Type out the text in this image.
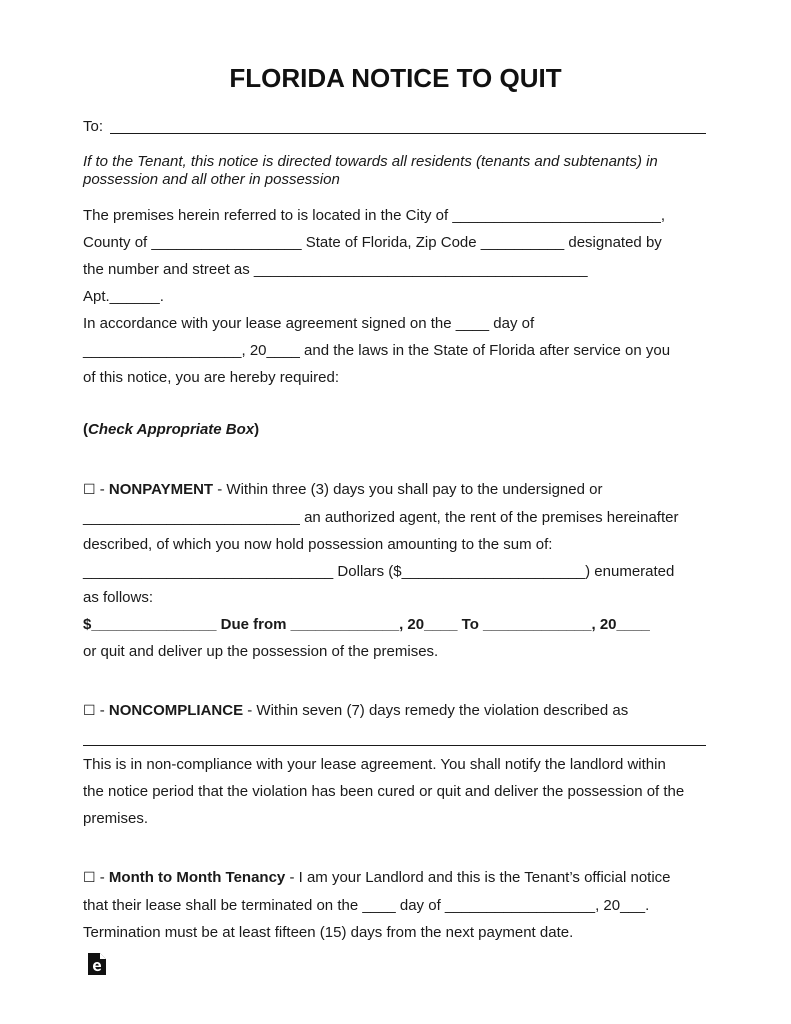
FLORIDA NOTICE TO QUIT
To:
If to the Tenant, this notice is directed towards all residents (tenants and subtenants) in possession and all other in possession
The premises herein referred to is located in the City of _________________________,
County of __________________ State of Florida, Zip Code __________ designated by
the number and street as ________________________________________
Apt.______.
In accordance with your lease agreement signed on the ____ day of
___________________, 20____ and the laws in the State of Florida after service on you
of this notice, you are hereby required:
(Check Appropriate Box)
☐ - NONPAYMENT - Within three (3) days you shall pay to the undersigned or
__________________________ an authorized agent, the rent of the premises hereinafter
described, of which you now hold possession amounting to the sum of:
______________________________ Dollars ($______________________) enumerated
as follows:
$_______________ Due from _____________, 20____ To _____________, 20____
or quit and deliver up the possession of the premises.
☐ - NONCOMPLIANCE - Within seven (7) days remedy the violation described as
This is in non-compliance with your lease agreement. You shall notify the landlord within
the notice period that the violation has been cured or quit and deliver the possession of the
premises.
☐ - Month to Month Tenancy - I am your Landlord and this is the Tenant’s official notice
that their lease shall be terminated on the ____ day of __________________, 20___.
Termination must be at least fifteen (15) days from the next payment date.
